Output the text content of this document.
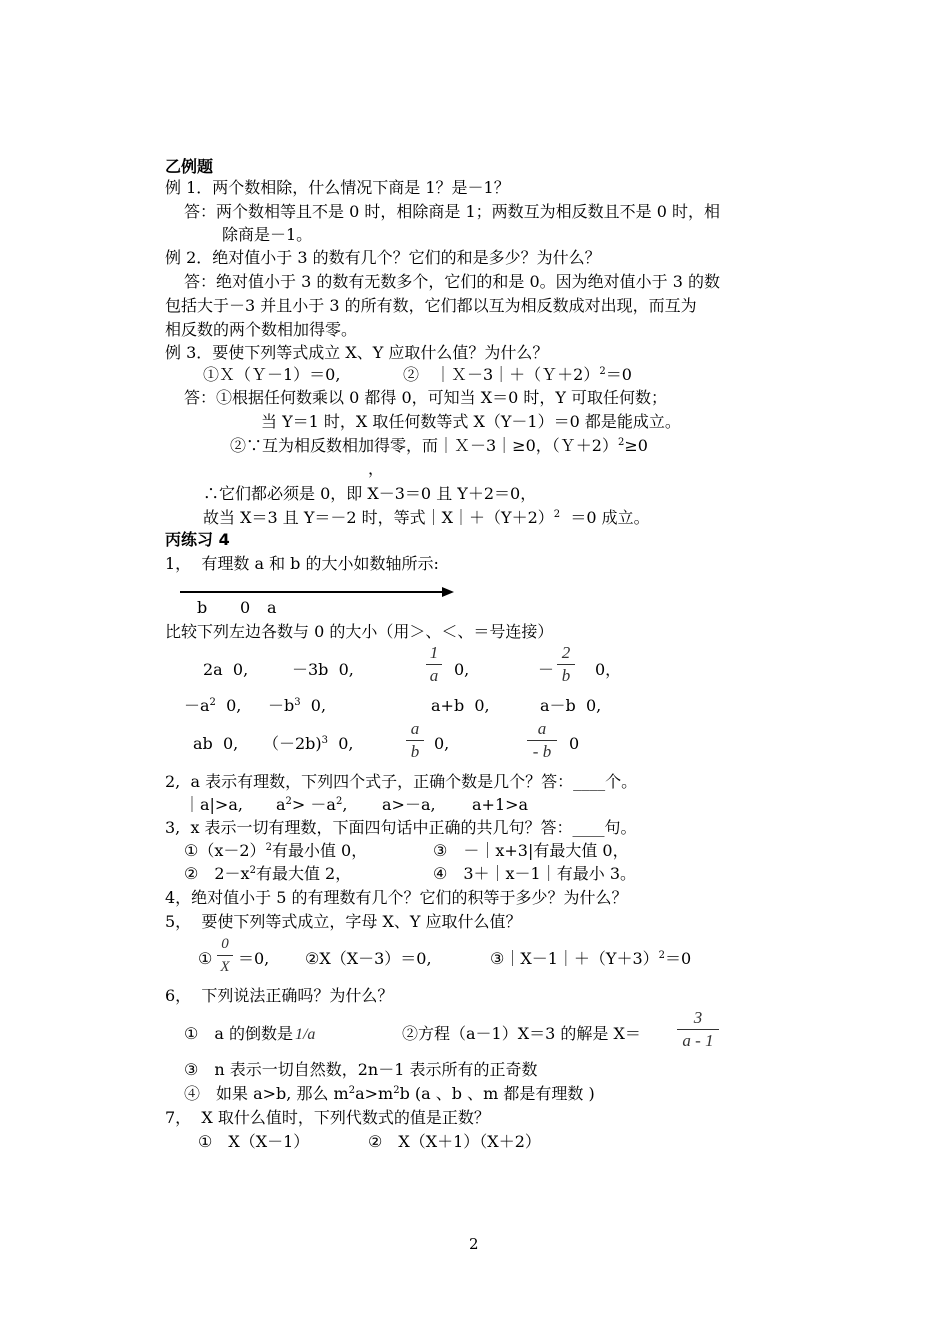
乙例题
例 1．两个数相除，什么情况下商是 1？是－1？
答：两个数相等且不是 0 时，相除商是 1；两数互为相反数且不是 0 时，相
除商是－1。
例 2．绝对值小于 3 的数有几个？它们的和是多少？为什么？
答：绝对值小于 3 的数有无数多个，它们的和是 0。因为绝对值小于 3 的数
包括大于－3 并且小于 3 的所有数，它们都以互为相反数成对出现，而互为
相反数的两个数相加得零。
例 3．要使下列等式成立 X、Y 应取什么值？为什么？
①Ｘ（Ｙ－1）＝0,	②　｜Ｘ－3｜＋（Ｙ＋2）$^2$＝0
答：①根据任何数乘以 0 都得 0，可知当 X＝0 时，Y 可取任何数；
当 Y＝1 时，X 取任何数等式 X（Y－1）＝0 都是能成立。
②∵互为相反数相加得零，而｜Ｘ－3｜≥0，（Ｙ＋2）$^2$≥0
，
∴它们都必须是 0，即 X－3＝0 且 Y＋2＝0，
故当 X＝3 且 Y＝－2 时，等式$|X|+(Y+2)^2 =0$ 成立。
丙练习 4
1，  有理数 a 和 b 的大小如数轴所示:
b 0 a
比较下列左边各数与 0 的大小（用＞、＜、＝号连接）
2a  0,	－3b  0,
1
a 0,	－
2
b 0，
$-a^2$  0, $-b^3$  0,	a+b  0,	a－b  0,
ab  0, （－2b)$^3$  0,
a
b 0,
a
- b	0
2,  a 表示有理数，下列四个式子，正确个数是几个？答：____个。
｜a|>a, $a^2> -a^2$, a>－a, a+1>a
3,  x 表示一切有理数，下面四句话中正确的共几句？答：____句。
$①(x-2)^2$有最小值 0，	③　－｜x+3|有最大值 0，
②　$2-x^2$有最大值 2，	④　3＋｜x－1｜有最小 3。
4，绝对值小于 5 的有理数有几个？它们的积等于多少？为什么？
5，  要使下列等式成立，字母 X、Y 应取什么值？
①
0
X ＝0, ②X（X－3）＝0,	$③|X-1|+(Y+3)^2=0$
6，  下列说法正确吗？为什么？
①　a 的倒数是 1/a	②方程（a－1）X＝3 的解是 X＝
3
a - 1
③　n 表示一切自然数，2n－1 表示所有的正奇数
④　如果 a>b, 那么 $m^2a>m^2b$ (a 、b 、m 都是有理数 )
7，  X 取什么值时，下列代数式的值是正数？
①　X（X－1）	②　X（X＋1）（X＋2）
2
